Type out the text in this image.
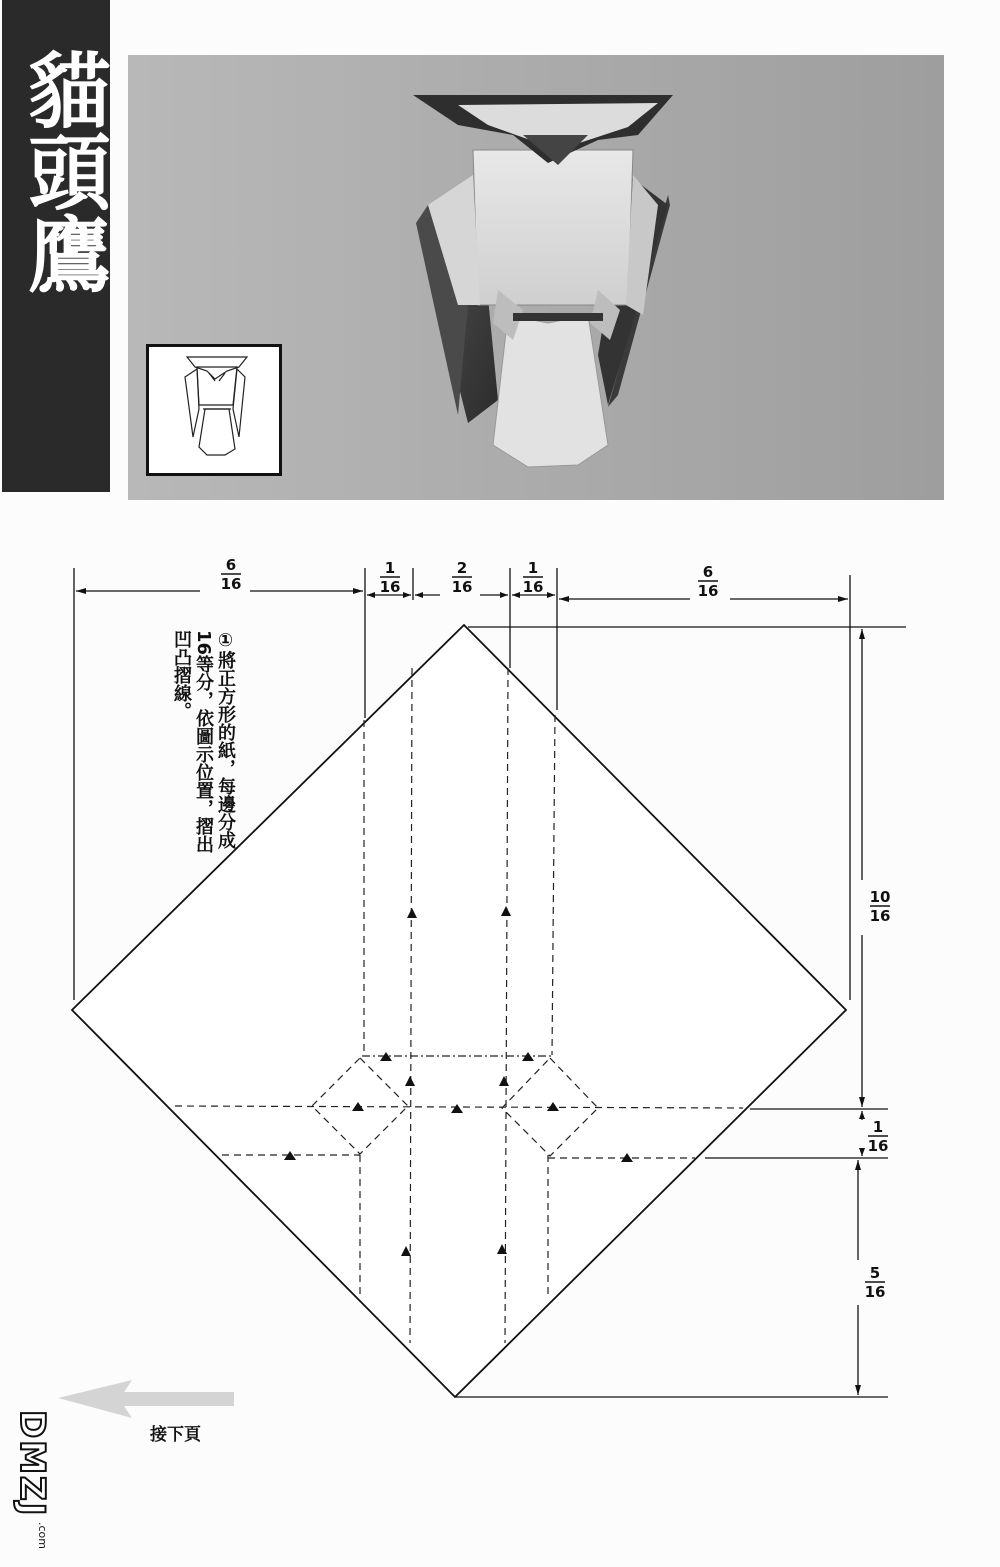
貓頭鷹
6
16
1
16
2
16
1
16
6
16
10
16
1
16
5
16
①將正方形的紙，每邊分成16等分，依圖示位置，摺出凹凸摺線。
接下頁
DMZJ
.com
